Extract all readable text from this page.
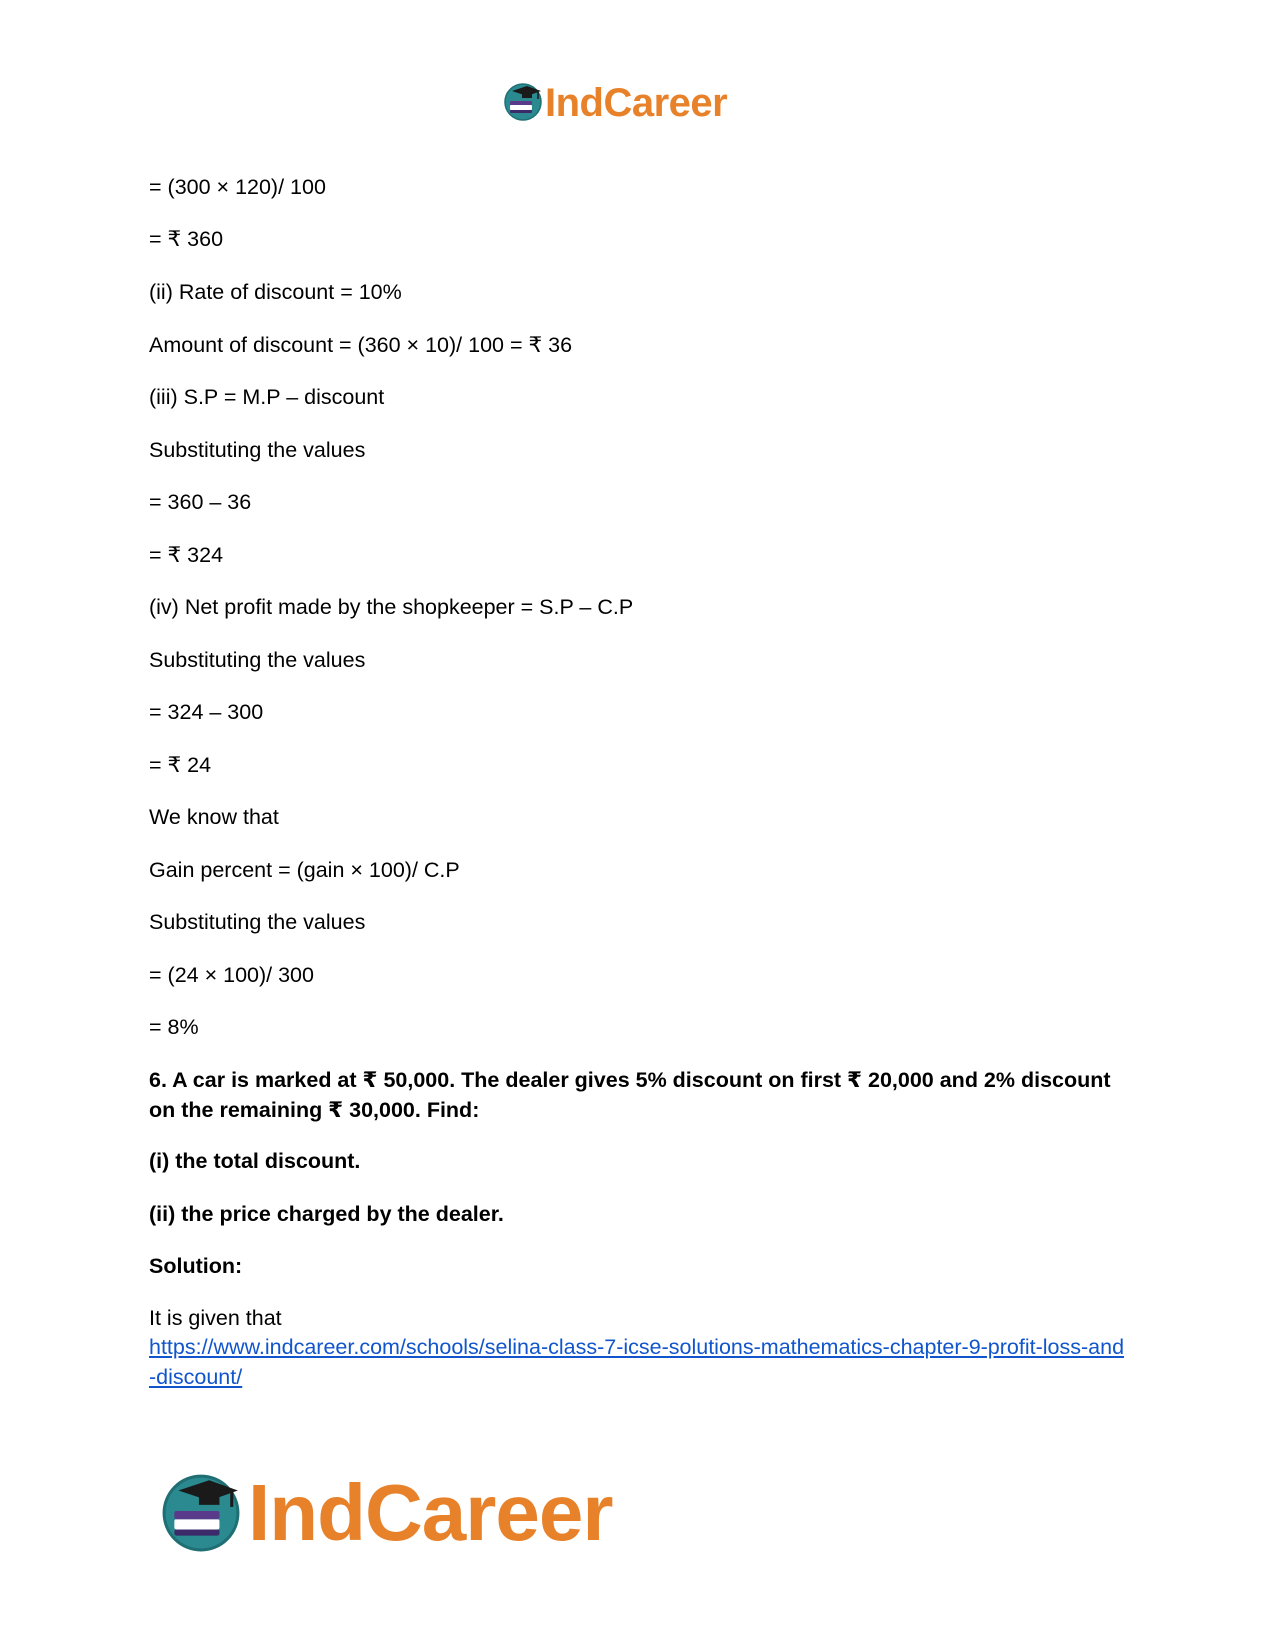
IndCareer

= (300 × 120)/ 100

= ₹ 360

(ii) Rate of discount = 10%

Amount of discount = (360 × 10)/ 100 = ₹ 36

(iii) S.P = M.P – discount

Substituting the values

= 360 – 36

= ₹ 324

(iv) Net profit made by the shopkeeper = S.P – C.P

Substituting the values

= 324 – 300

= ₹ 24

We know that

Gain percent = (gain × 100)/ C.P

Substituting the values

= (24 × 100)/ 300

= 8%

6. A car is marked at ₹ 50,000. The dealer gives 5% discount on first ₹ 20,000 and 2% discount on the remaining ₹ 30,000. Find:

(i) the total discount.

(ii) the price charged by the dealer.

Solution:

It is given that

https://www.indcareer.com/schools/selina-class-7-icse-solutions-mathematics-chapter-9-profit-loss-and-discount/
IndCareer
